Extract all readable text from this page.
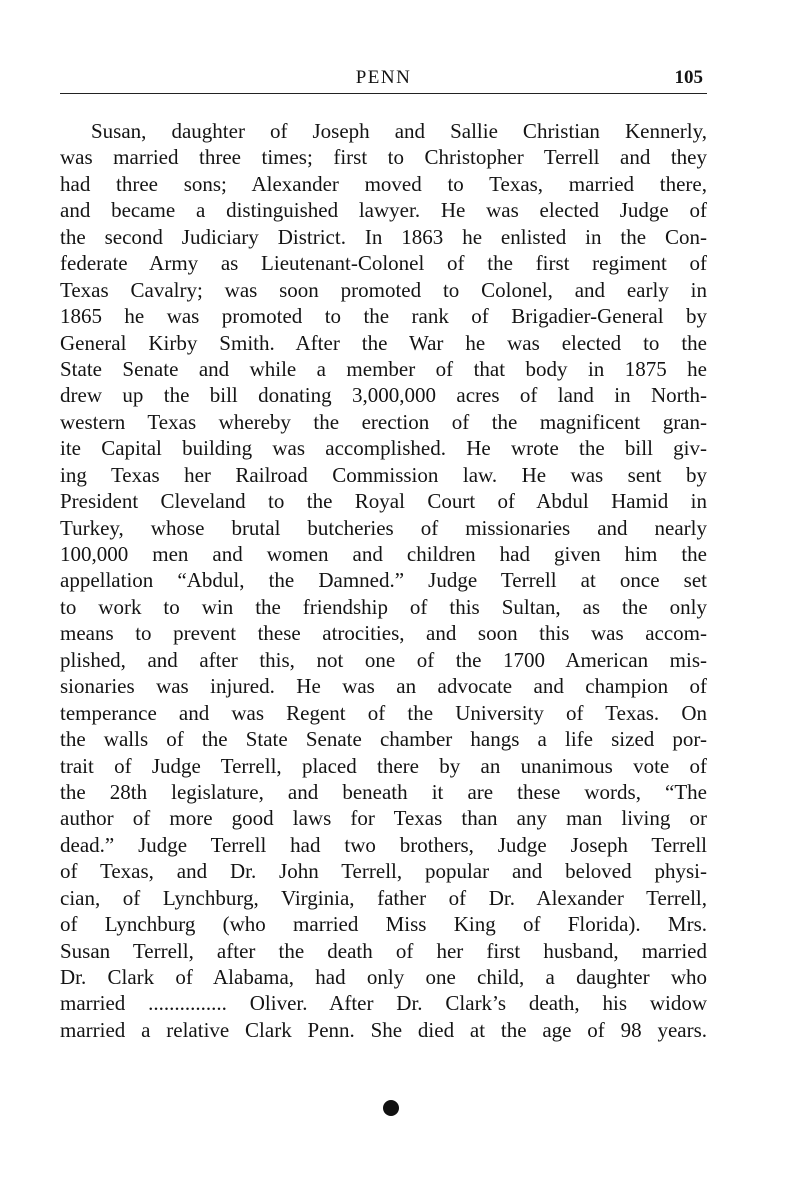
PENN	105
Susan, daughter of Joseph and Sallie Christian Kennerly,
was married three times; first to Christopher Terrell and they
had three sons; Alexander moved to Texas, married there,
and became a distinguished lawyer. He was elected Judge of
the second Judiciary District. In 1863 he enlisted in the Con-
federate Army as Lieutenant-Colonel of the first regiment of
Texas Cavalry; was soon promoted to Colonel, and early in
1865 he was promoted to the rank of Brigadier-General by
General Kirby Smith. After the War he was elected to the
State Senate and while a member of that body in 1875 he
drew up the bill donating 3,000,000 acres of land in North-
western Texas whereby the erection of the magnificent gran-
ite Capital building was accomplished. He wrote the bill giv-
ing Texas her Railroad Commission law. He was sent by
President Cleveland to the Royal Court of Abdul Hamid in
Turkey, whose brutal butcheries of missionaries and nearly
100,000 men and women and children had given him the
appellation “Abdul, the Damned.” Judge Terrell at once set
to work to win the friendship of this Sultan, as the only
means to prevent these atrocities, and soon this was accom-
plished, and after this, not one of the 1700 American mis-
sionaries was injured. He was an advocate and champion of
temperance and was Regent of the University of Texas. On
the walls of the State Senate chamber hangs a life sized por-
trait of Judge Terrell, placed there by an unanimous vote of
the 28th legislature, and beneath it are these words, “The
author of more good laws for Texas than any man living or
dead.” Judge Terrell had two brothers, Judge Joseph Terrell
of Texas, and Dr. John Terrell, popular and beloved physi-
cian, of Lynchburg, Virginia, father of Dr. Alexander Terrell,
of Lynchburg (who married Miss King of Florida). Mrs.
Susan Terrell, after the death of her first husband, married
Dr. Clark of Alabama, had only one child, a daughter who
married ............... Oliver. After Dr. Clark’s death, his widow
married a relative Clark Penn. She died at the age of 98 years.
